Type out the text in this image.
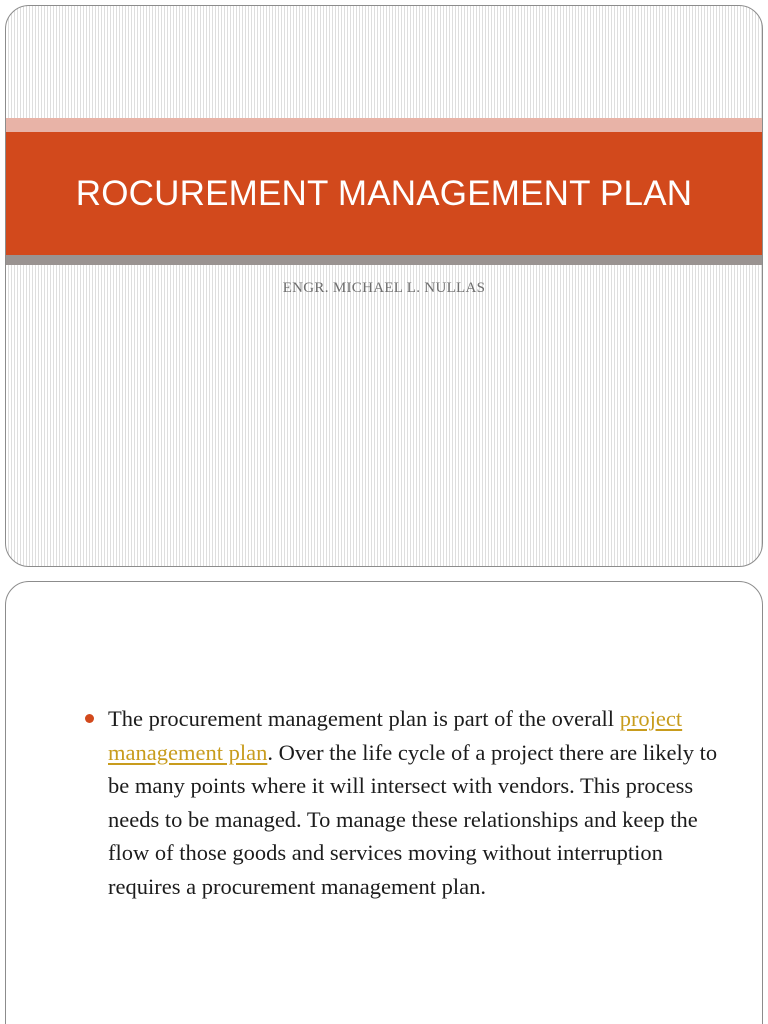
ROCUREMENT MANAGEMENT PLAN
ENGR. MICHAEL L. NULLAS
The procurement management plan is part of the overall project management plan. Over the life cycle of a project there are likely to be many points where it will intersect with vendors. This process needs to be managed. To manage these relationships and keep the flow of those goods and services moving without interruption requires a procurement management plan.
